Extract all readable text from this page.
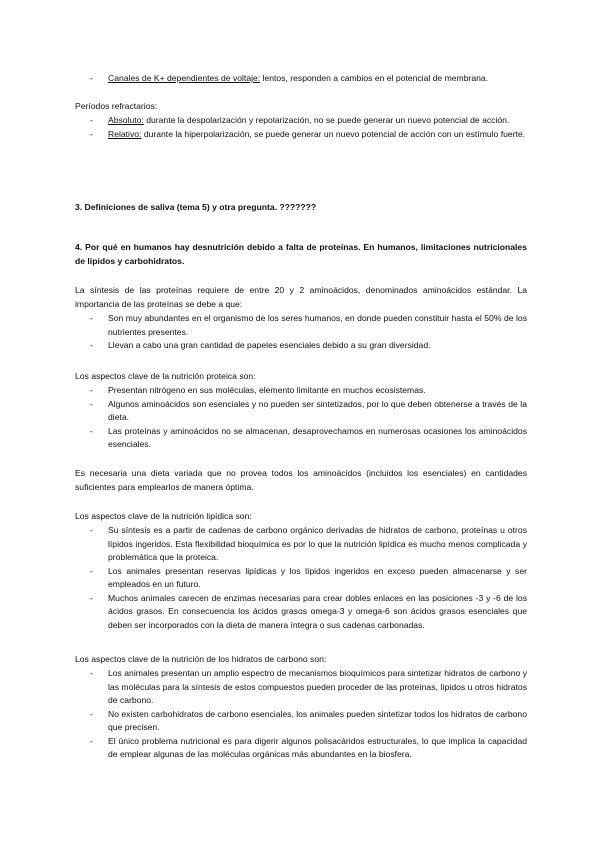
- Canales de K+ dependientes de voltaje: lentos, responden a cambios en el potencial de membrana.

Períodos refractarios:

- Absoluto: durante la despolarización y repolarización, no se puede generar un nuevo potencial de acción.
- Relativo: durante la hiperpolarización, se puede generar un nuevo potencial de acción con un estímulo fuerte.

3. Definiciones de saliva (tema 5) y otra pregunta. ???????

4. Por qué en humanos hay desnutrición debido a falta de proteínas. En humanos, limitaciones nutricionales de lípidos y carbohidratos.

La síntesis de las proteínas requiere de entre 20 y 2 aminoácidos, denominados aminoácidos estándar. La importancia de las proteínas se debe a que:

- Son muy abundantes en el organismo de los seres humanos, en donde pueden constituir hasta el 50% de los nutrientes presentes.
- Llevan a cabo una gran cantidad de papeles esenciales debido a su gran diversidad.

Los aspectos clave de la nutrición proteica son:

- Presentan nitrógeno en sus moléculas, elemento limitante en muchos ecosistemas.
- Algunos aminoácidos son esenciales y no pueden ser sintetizados, por lo que deben obtenerse a través de la dieta.
- Las proteínas y aminoácidos no se almacenan, desaprovechamos en numerosas ocasiones los aminoácidos esenciales.

Es necesaria una dieta variada que no provea todos los aminoácidos (incluidos los esenciales) en cantidades suficientes para emplearlos de manera óptima.

Los aspectos clave de la nutrición lipídica son:

- Su síntesis es a partir de cadenas de carbono orgánico derivadas de hidratos de carbono, proteínas u otros lípidos ingeridos. Esta flexibilidad bioquímica es por lo que la nutrición lipídica es mucho menos complicada y problemática que la proteica.
- Los animales presentan reservas lipídicas y los lípidos ingeridos en exceso pueden almacenarse y ser empleados en un futuro.
- Muchos animales carecen de enzimas necesarias para crear dobles enlaces en las posiciones -3 y -6 de los ácidos grasos. En consecuencia los ácidos grasos omega-3 y omega-6 son ácidos grasos esenciales que deben ser incorporados con la dieta de manera íntegra o sus cadenas carbonadas.

Los aspectos clave de la nutrición de los hidratos de carbono son:

- Los animales presentan un amplio espectro de mecanismos bioquímicos para sintetizar hidratos de carbono y las moléculas para la síntesis de estos compuestos pueden proceder de las proteínas, lípidos u otros hidratos de carbono.
- No existen carbohidratos de carbono esenciales, los animales pueden sintetizar todos los hidratos de carbono que precisen.
- El único problema nutricional es para digerir algunos polisacáridos estructurales, lo que implica la capacidad de emplear algunas de las moléculas orgánicas más abundantes en la biosfera.
